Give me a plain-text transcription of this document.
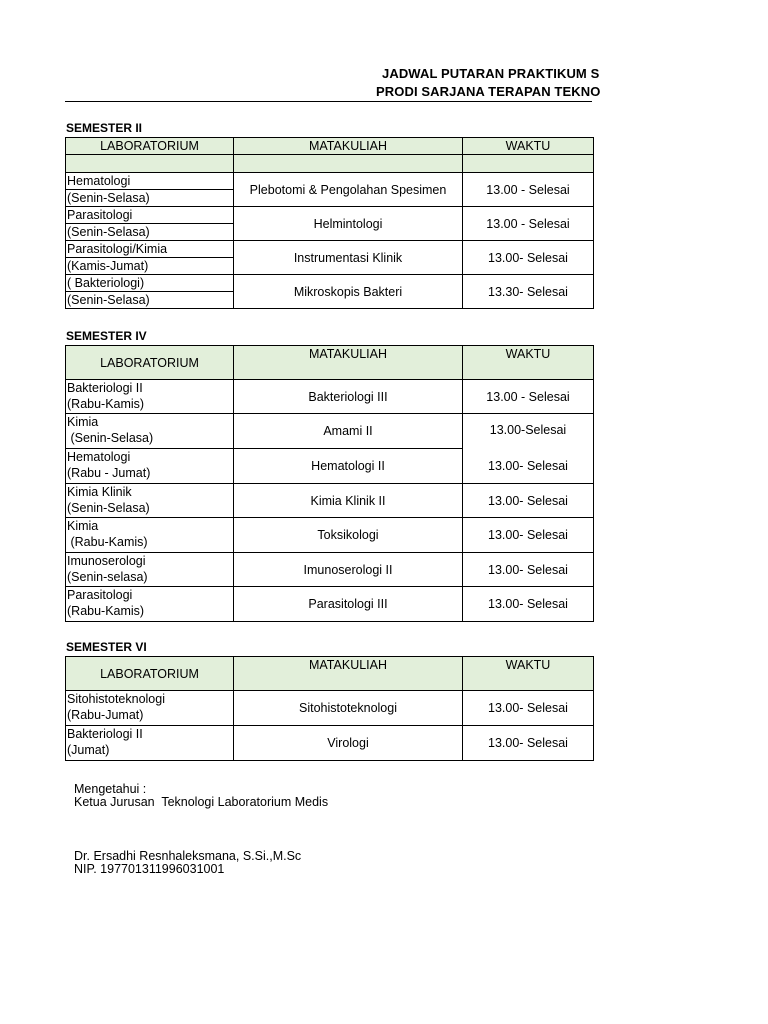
JADWAL PUTARAN PRAKTIKUM S
PRODI SARJANA TERAPAN TEKNO
SEMESTER II
LABORATORIUM	MATAKULIAH	WAKTU

Hematologi	Plebotomi & Pengolahan Spesimen	13.00 - Selesai
(Senin-Selasa)		
Parasitologi	Helmintologi	13.00 - Selesai
(Senin-Selasa)		
Parasitologi/Kimia	Instrumentasi Klinik	13.00- Selesai
(Kamis-Jumat)		
( Bakteriologi)	Mikroskopis Bakteri	13.30- Selesai
(Senin-Selasa)		
SEMESTER IV
LABORATORIUM	MATAKULIAH	WAKTU

Bakteriologi II
(Rabu-Kamis)	Bakteriologi III	13.00 - Selesai

Kimia
(Senin-Selasa)	Amami II	13.00-Selesai

Hematologi
(Rabu - Jumat)	Hematologi II	13.00- Selesai

Kimia Klinik
(Senin-Selasa)	Kimia Klinik II	13.00- Selesai

Kimia
(Rabu-Kamis)	Toksikologi	13.00- Selesai

Imunoserologi
(Senin-selasa)	Imunoserologi II	13.00- Selesai

Parasitologi
(Rabu-Kamis)	Parasitologi III	13.00- Selesai
SEMESTER VI
LABORATORIUM	MATAKULIAH	WAKTU

Sitohistoteknologi
(Rabu-Jumat)	Sitohistoteknologi	13.00- Selesai

Bakteriologi II
(Jumat)	Virologi	13.00- Selesai
Mengetahui :
Ketua Jurusan  Teknologi Laboratorium Medis
Dr. Ersadhi Resnhaleksmana, S.Si.,M.Sc
NIP. 197701311996031001
